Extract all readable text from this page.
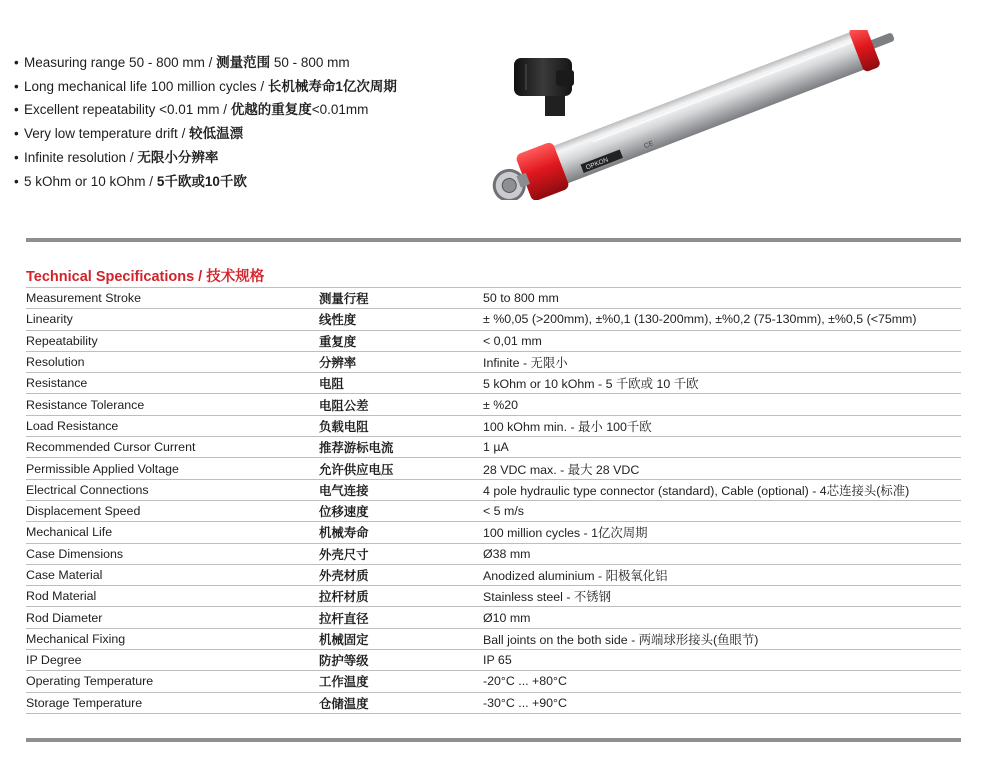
• Measuring range 50 - 800 mm / 测量范围 50 - 800 mm
• Long mechanical life 100 million cycles / 长机械寿命1亿次周期
• Excellent repeatability <0.01 mm / 优越的重复度<0.01mm
• Very low temperature drift / 较低温漂
• Infinite resolution / 无限小分辨率
• 5 kOhm or 10 kOhm / 5千欧或10千欧
OPKON
CE
Technical Specifications / 技术规格
Measurement Stroke	测量行程	50 to 800 mm
Linearity	线性度	± %0,05 (>200mm), ±%0,1 (130-200mm), ±%0,2 (75-130mm), ±%0,5 (<75mm)
Repeatability	重复度	< 0,01 mm
Resolution	分辨率	Infinite - 无限小
Resistance	电阻	5 kOhm or 10 kOhm - 5 千欧或 10 千欧
Resistance Tolerance	电阻公差	± %20
Load Resistance	负载电阻	100 kOhm min. - 最小 100千欧
Recommended Cursor Current	推荐游标电流	1 µA
Permissible Applied Voltage	允许供应电压	28 VDC max. - 最大 28 VDC
Electrical Connections	电气连接	4 pole hydraulic type connector (standard), Cable (optional) - 4芯连接头(标准)
Displacement Speed	位移速度	< 5 m/s
Mechanical Life	机械寿命	100 million cycles - 1亿次周期
Case Dimensions	外壳尺寸	Ø38 mm
Case Material	外壳材质	Anodized aluminium - 阳极氧化铝
Rod Material	拉杆材质	Stainless steel - 不锈钢
Rod Diameter	拉杆直径	Ø10 mm
Mechanical Fixing	机械固定	Ball joints on the both side - 两端球形接头(鱼眼节)
IP Degree	防护等级	IP 65
Operating Temperature	工作温度	-20°C ... +80°C
Storage Temperature	仓储温度	-30°C ... +90°C
